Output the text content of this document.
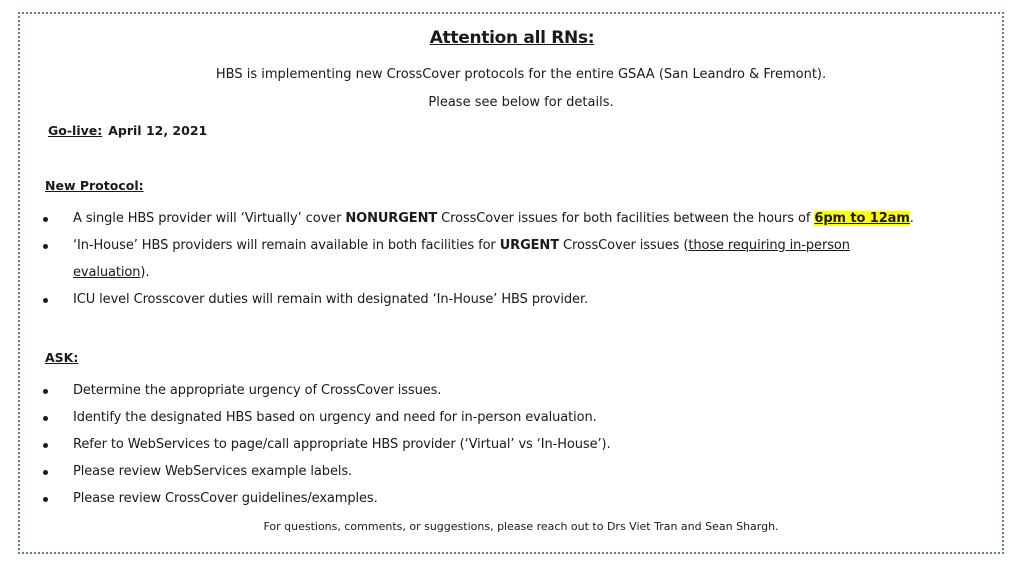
Attention all RNs:
HBS is implementing new CrossCover protocols for the entire GSAA (San Leandro & Fremont).
Please see below for details.
Go-live: April 12, 2021
New Protocol:
A single HBS provider will ‘Virtually’ cover NONURGENT CrossCover issues for both facilities between the hours of 6pm to 12am.
‘In-House’ HBS providers will remain available in both facilities for URGENT CrossCover issues (those requiring in-person
evaluation).
ICU level Crosscover duties will remain with designated ‘In-House’ HBS provider.
ASK:
Determine the appropriate urgency of CrossCover issues.
Identify the designated HBS based on urgency and need for in-person evaluation.
Refer to WebServices to page/call appropriate HBS provider (‘Virtual’ vs ‘In-House’).
Please review WebServices example labels.
Please review CrossCover guidelines/examples.
For questions, comments, or suggestions, please reach out to Drs Viet Tran and Sean Shargh.
